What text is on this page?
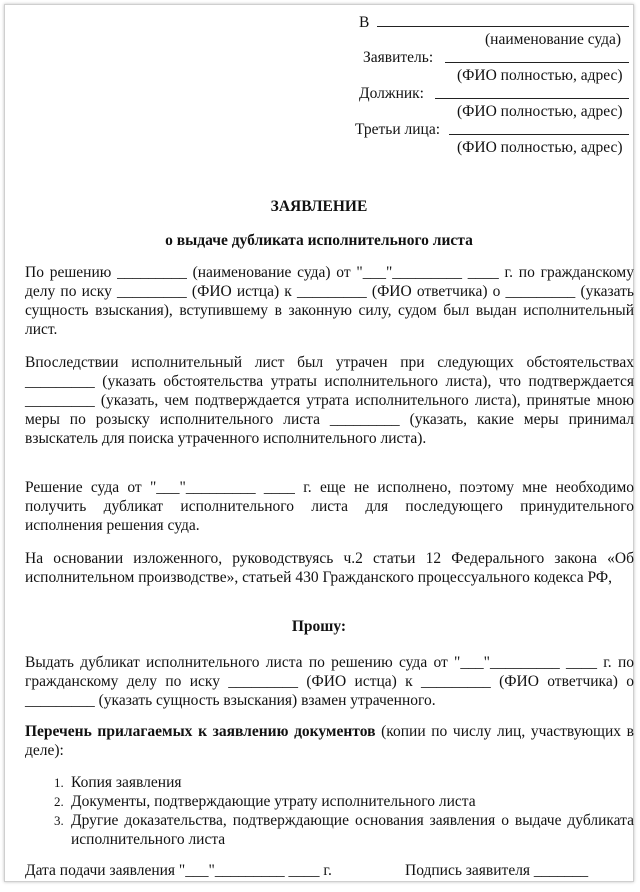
В
(наименование суда)
Заявитель:
(ФИО полностью, адрес)
Должник:
(ФИО полностью, адрес)
Третьи лица:
(ФИО полностью, адрес)
ЗАЯВЛЕНИЕ
о выдаче дубликата исполнительного листа
По решению _________ (наименование суда) от "___"_________ ____ г. по гражданскому делу по иску _________ (ФИО истца) к _________ (ФИО ответчика) о _________ (указать сущность взыскания), вступившему в законную силу, судом был выдан исполнительный лист.
Впоследствии исполнительный лист был утрачен при следующих обстоятельствах _________ (указать обстоятельства утраты исполнительного листа), что подтверждается _________ (указать, чем подтверждается утрата исполнительного листа), принятые мною меры по розыску исполнительного листа _________ (указать, какие меры принимал взыскатель для поиска утраченного исполнительного листа).
Решение суда от "___"_________ ____ г. еще не исполнено, поэтому мне необходимо получить дубликат исполнительного листа для последующего принудительного исполнения решения суда.
На основании изложенного, руководствуясь ч.2 статьи 12 Федерального закона «Об исполнительном производстве», статьей 430 Гражданского процессуального кодекса РФ,
Прошу:
Выдать дубликат исполнительного листа по решению суда от "___"_________ ____ г. по гражданскому делу по иску _________ (ФИО истца) к _________ (ФИО ответчика) о _________ (указать сущность взыскания) взамен утраченного.
Перечень прилагаемых к заявлению документов (копии по числу лиц, участвующих в деле):
1. Копия заявления
2. Документы, подтверждающие утрату исполнительного листа
3. Другие доказательства, подтверждающие основания заявления о выдаче дубликата исполнительного листа
Дата подачи заявления "___"_________ ____ г.	Подпись заявителя _______
